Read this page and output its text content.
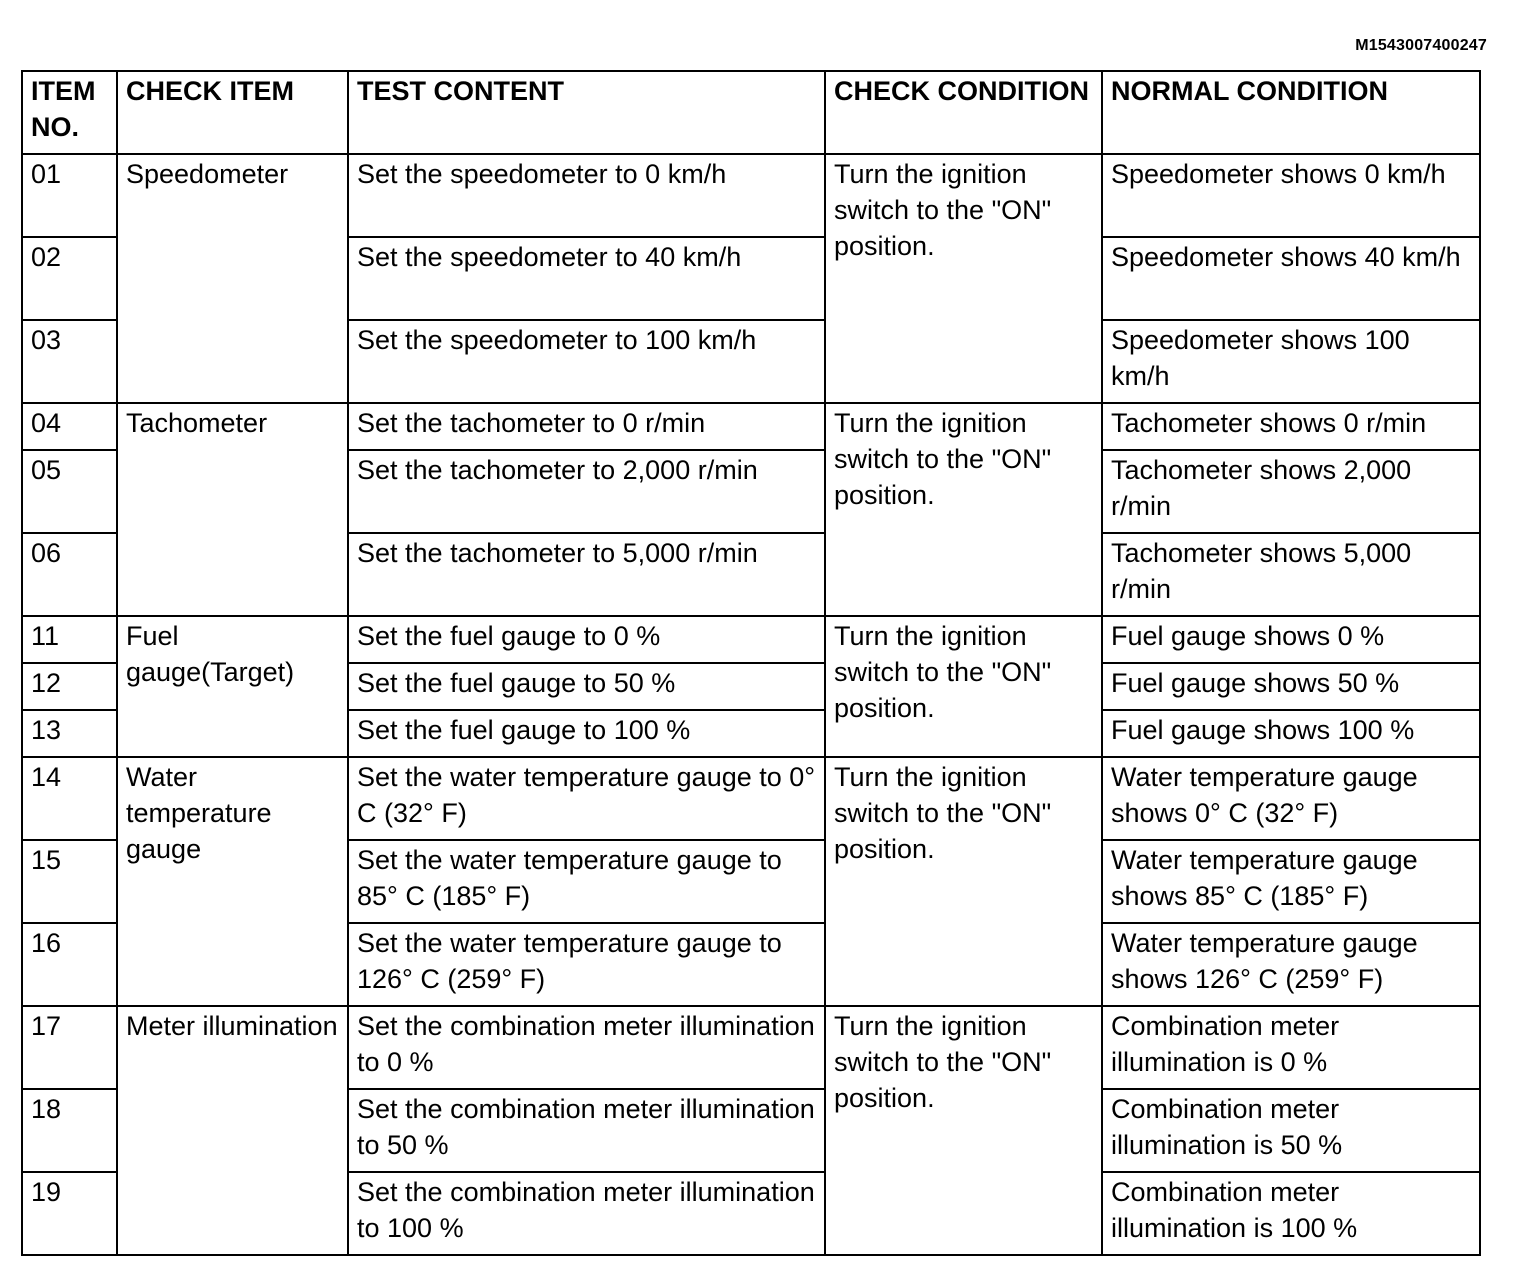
M1543007400247
ITEM NO.	CHECK ITEM	TEST CONTENT	CHECK CONDITION	NORMAL CONDITION
01	Speedometer	Set the speedometer to 0 km/h	Turn the ignition switch to the "ON" position.	Speedometer shows 0 km/h
02		Set the speedometer to 40 km/h		Speedometer shows 40 km/h
03		Set the speedometer to 100 km/h		Speedometer shows 100 km/h
04	Tachometer	Set the tachometer to 0 r/min	Turn the ignition switch to the "ON" position.	Tachometer shows 0 r/min
05		Set the tachometer to 2,000 r/min		Tachometer shows 2,000 r/min
06		Set the tachometer to 5,000 r/min		Tachometer shows 5,000 r/min
11	Fuel gauge(Target)	Set the fuel gauge to 0 %	Turn the ignition switch to the "ON" position.	Fuel gauge shows 0 %
12		Set the fuel gauge to 50 %		Fuel gauge shows 50 %
13		Set the fuel gauge to 100 %		Fuel gauge shows 100 %
14	Water temperature gauge	Set the water temperature gauge to 0° C (32° F)	Turn the ignition switch to the "ON" position.	Water temperature gauge shows 0° C (32° F)
15		Set the water temperature gauge to 85° C (185° F)		Water temperature gauge shows 85° C (185° F)
16		Set the water temperature gauge to 126° C (259° F)		Water temperature gauge shows 126° C (259° F)
17	Meter illumination	Set the combination meter illumination to 0 %	Turn the ignition switch to the "ON" position.	Combination meter illumination is 0 %
18		Set the combination meter illumination to 50 %		Combination meter illumination is 50 %
19		Set the combination meter illumination to 100 %		Combination meter illumination is 100 %
